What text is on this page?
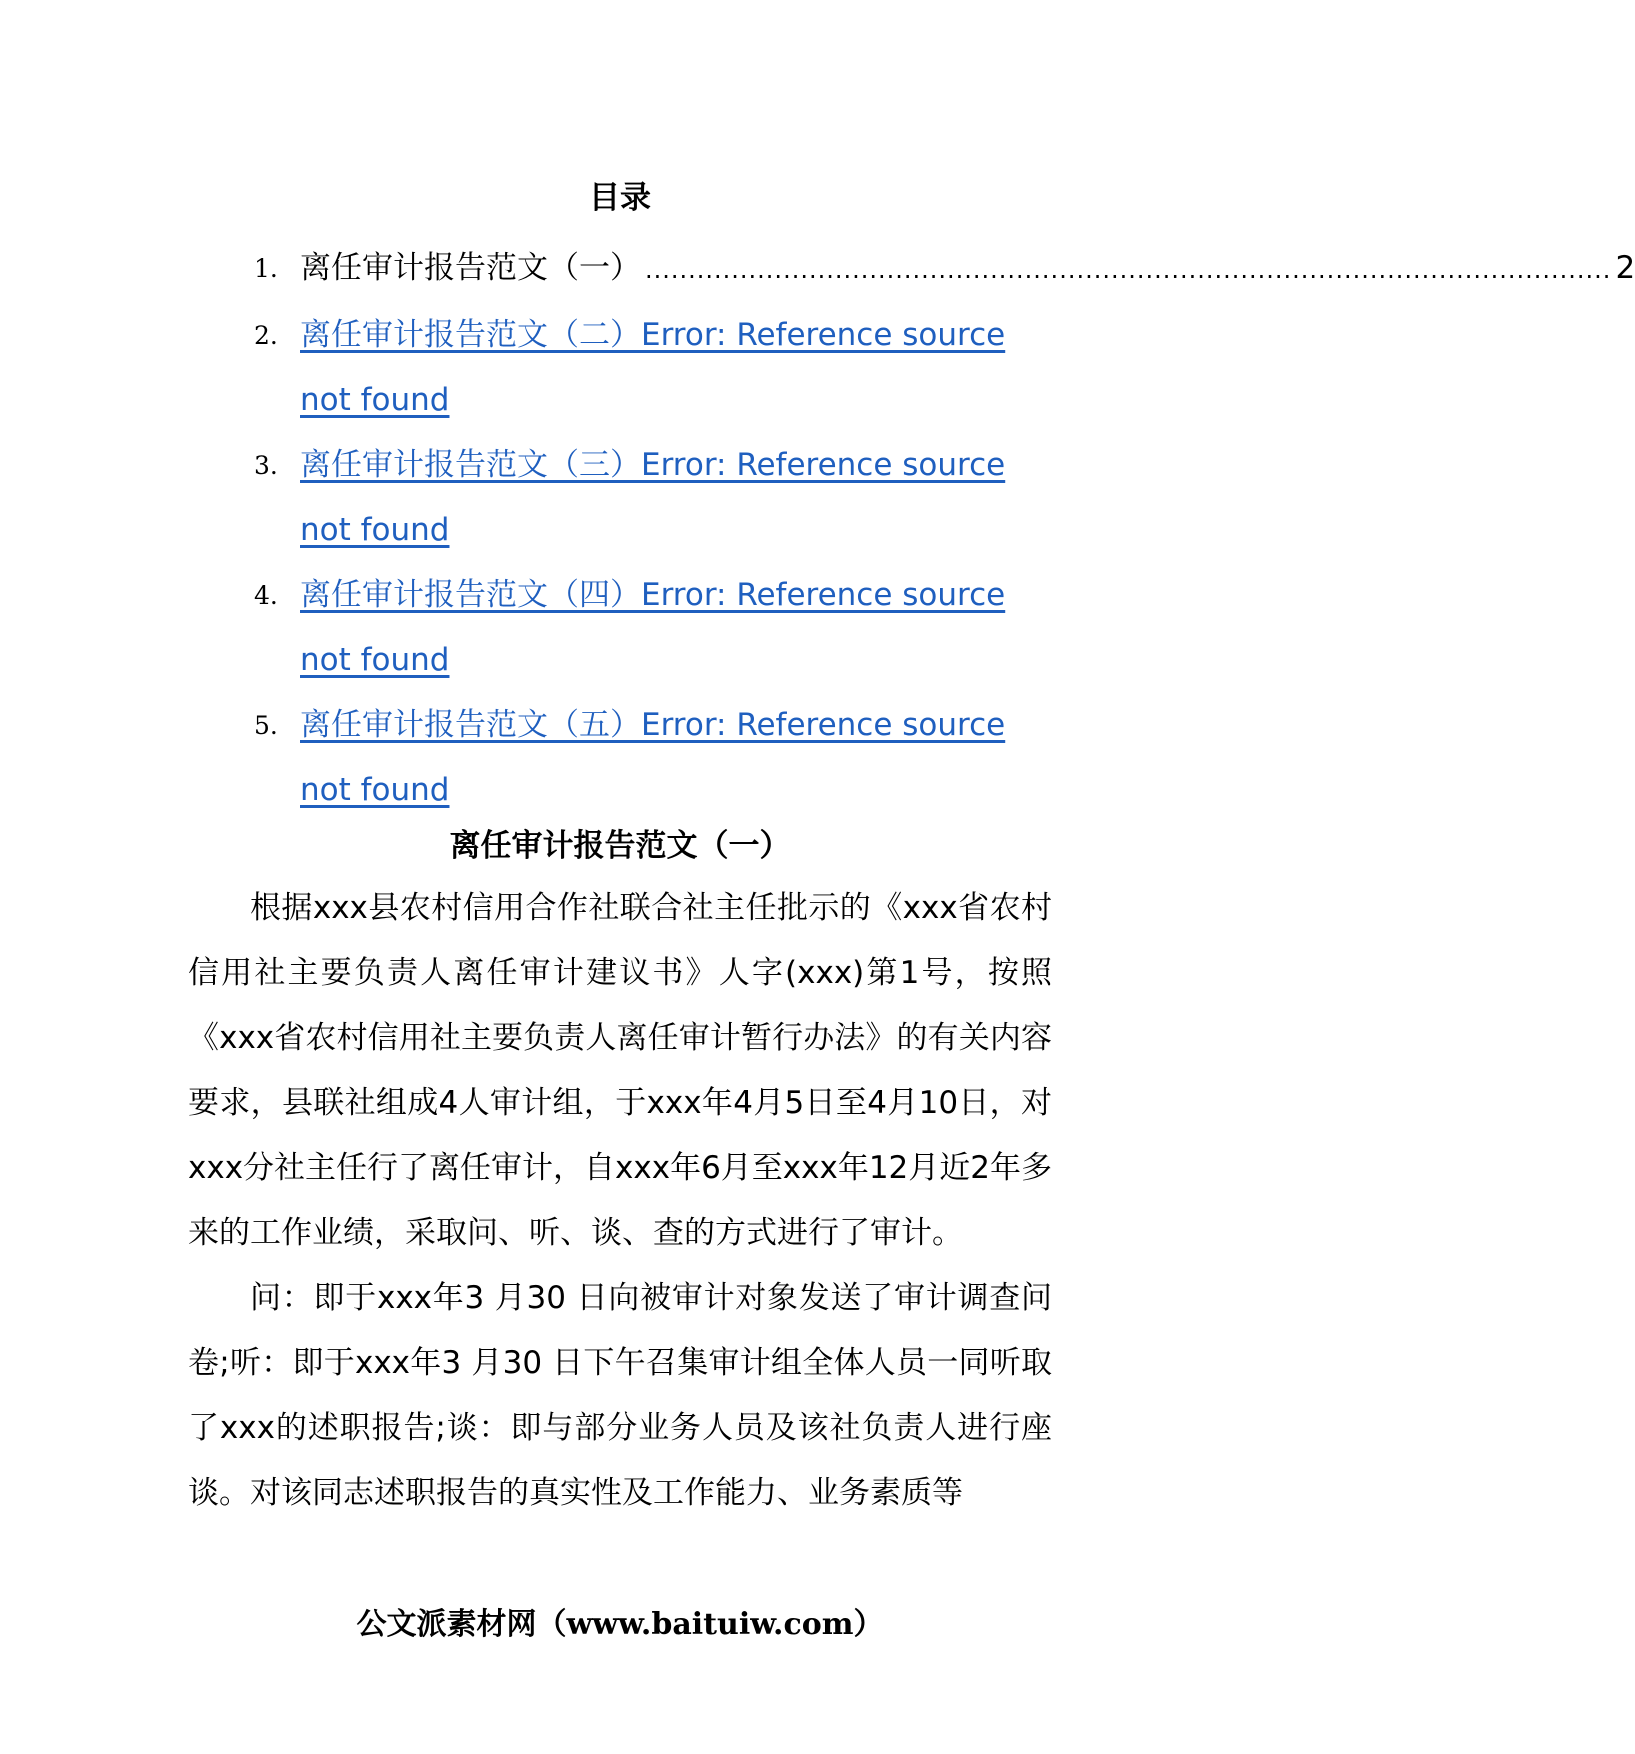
目录
1. 离任审计报告范文（一） ................................................................................................................ 2
2. 离任审计报告范文（二）Error: Reference source not found
3. 离任审计报告范文（三）Error: Reference source not found
4. 离任审计报告范文（四）Error: Reference source not found
5. 离任审计报告范文（五）Error: Reference source not found
离任审计报告范文（一）

根据xxx县农村信用合作社联合社主任批示的《xxx省农村信用社主要负责人离任审计建议书》人字(xxx)第1号，按照《xxx省农村信用社主要负责人离任审计暂行办法》的有关内容要求，县联社组成4人审计组，于xxx年4月5日至4月10日，对xxx分社主任行了离任审计，自xxx年6月至xxx年12月近2年多来的工作业绩，采取问、听、谈、查的方式进行了审计。

问：即于xxx年3 月30 日向被审计对象发送了审计调查问卷;听：即于xxx年3 月30 日下午召集审计组全体人员一同听取了xxx的述职报告;谈：即与部分业务人员及该社负责人进行座谈。对该同志述职报告的真实性及工作能力、业务素质等

公文派素材网（www.baituiw.com）
